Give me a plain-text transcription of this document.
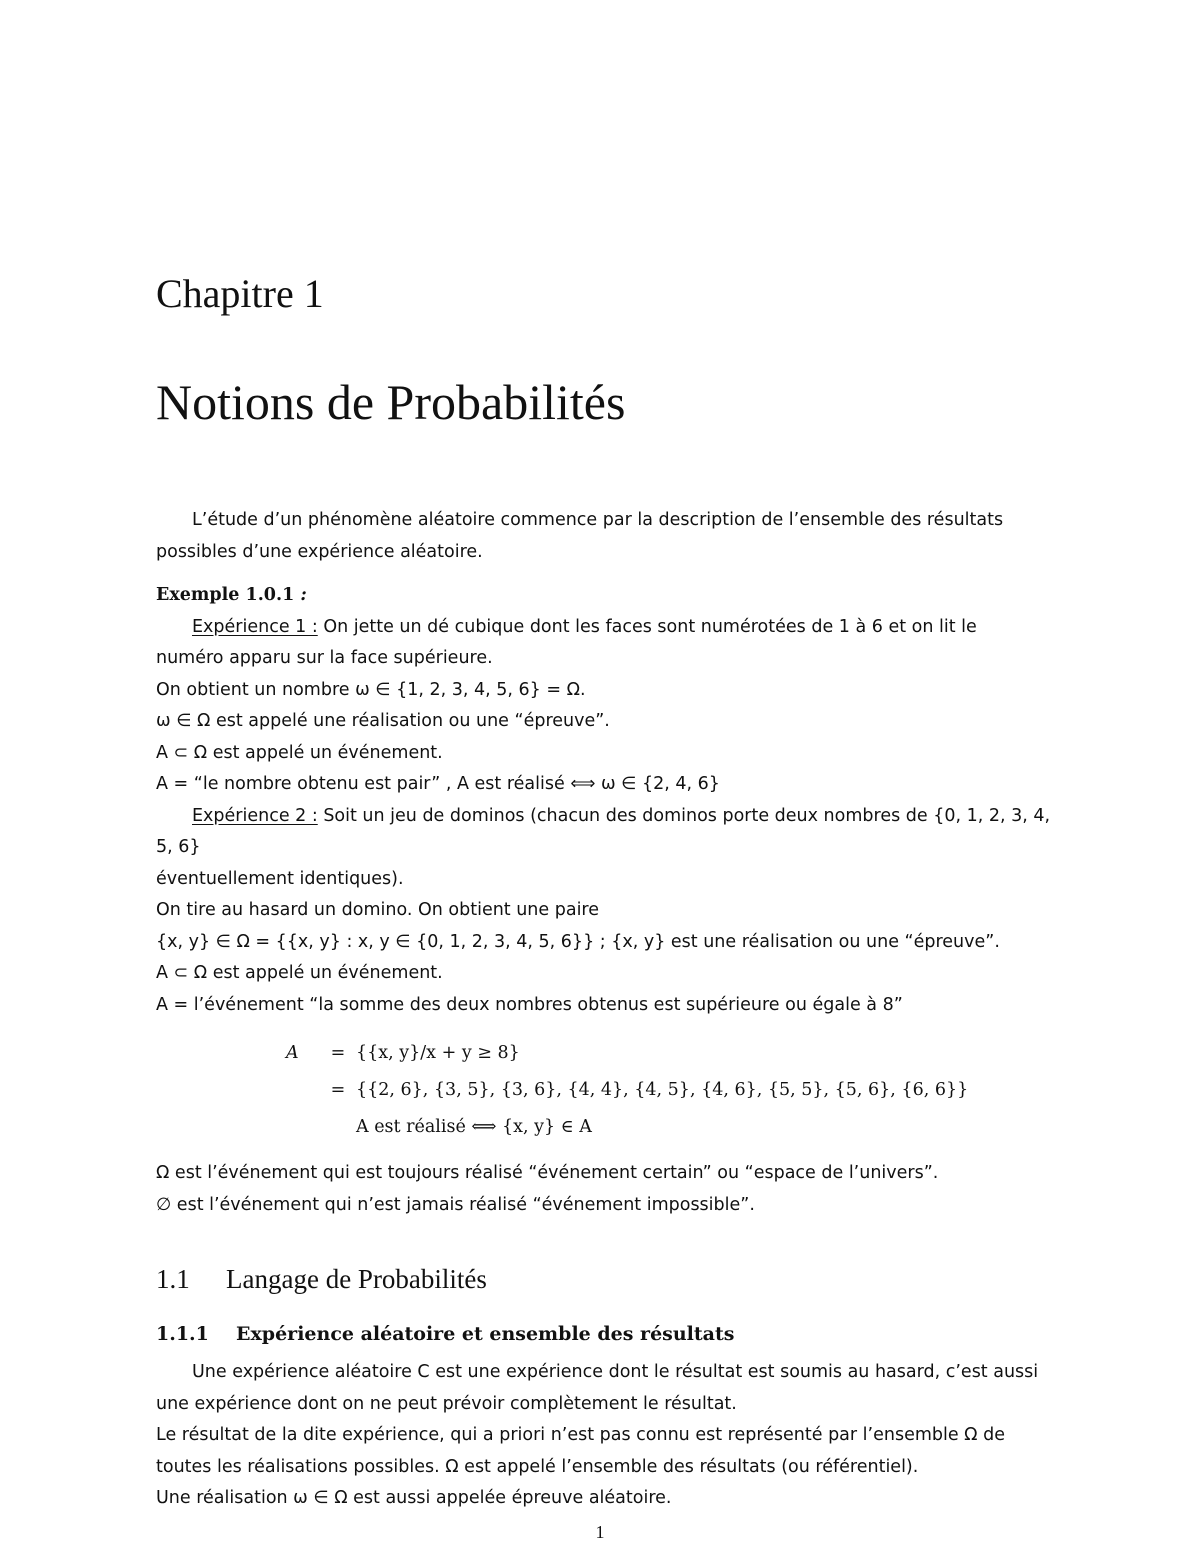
Chapitre 1
Notions de Probabilités

L’étude d’un phénomène aléatoire commence par la description de l’ensemble des résultats

possibles d’une expérience aléatoire.

Exemple 1.0.1 :

Expérience 1 : On jette un dé cubique dont les faces sont numérotées de 1 à 6 et on lit le

numéro apparu sur la face supérieure.

On obtient un nombre ω ∈ {1, 2, 3, 4, 5, 6} = Ω.

ω ∈ Ω est appelé une réalisation ou une “épreuve”.

A ⊂ Ω est appelé un événement.

A = “le nombre obtenu est pair” , A est réalisé ⟺ ω ∈ {2, 4, 6}

Expérience 2 : Soit un jeu de dominos (chacun des dominos porte deux nombres de {0, 1, 2, 3, 4, 5, 6}

éventuellement identiques).

On tire au hasard un domino. On obtient une paire

{x, y} ∈ Ω = {{x, y} : x, y ∈ {0, 1, 2, 3, 4, 5, 6}} ; {x, y} est une réalisation ou une “épreuve”.

A ⊂ Ω est appelé un événement.

A = l’événement “la somme des deux nombres obtenus est supérieure ou égale à 8”

A	=	{{x, y}/x + y ≥ 8}
	=	{{2, 6}, {3, 5}, {3, 6}, {4, 4}, {4, 5}, {4, 6}, {5, 5}, {5, 6}, {6, 6}}
		A est réalisé ⟺ {x, y} ∈ A

Ω est l’événement qui est toujours réalisé “événement certain” ou “espace de l’univers”.

∅ est l’événement qui n’est jamais réalisé “événement impossible”.

1.1 Langage de Probabilités
1.1.1 Expérience aléatoire et ensemble des résultats

Une expérience aléatoire C est une expérience dont le résultat est soumis au hasard, c’est aussi

une expérience dont on ne peut prévoir complètement le résultat.

Le résultat de la dite expérience, qui a priori n’est pas connu est représenté par l’ensemble Ω de

toutes les réalisations possibles. Ω est appelé l’ensemble des résultats (ou référentiel).

Une réalisation ω ∈ Ω est aussi appelée épreuve aléatoire.

1
